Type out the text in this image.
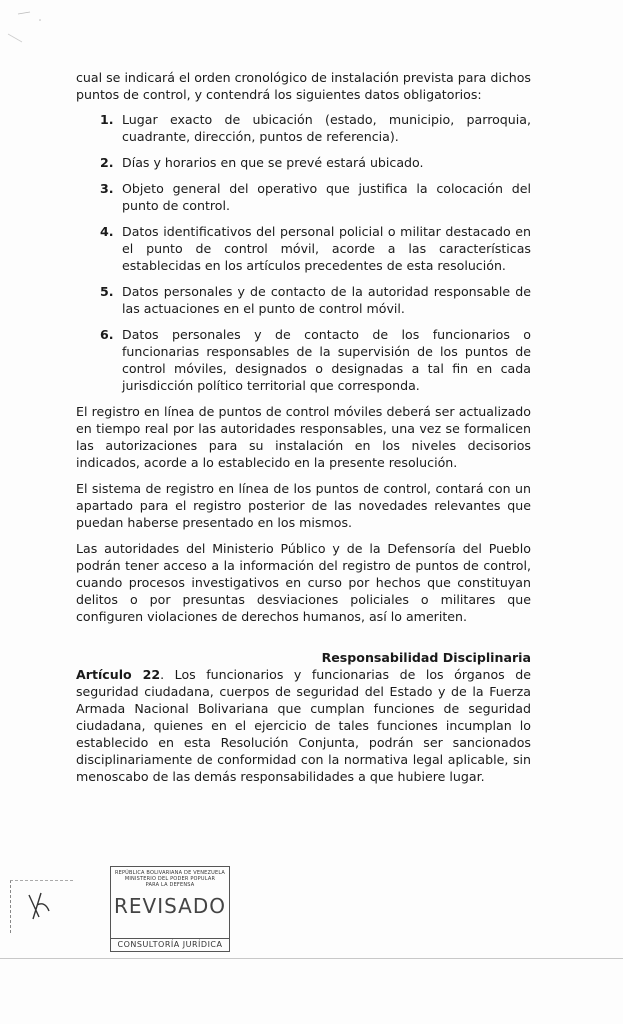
cual se indicará el orden cronológico de instalación prevista para dichos puntos de control, y contendrá los siguientes datos obligatorios:

1. Lugar exacto de ubicación (estado, municipio, parroquia, cuadrante, dirección, puntos de referencia).
2. Días y horarios en que se prevé estará ubicado.
3. Objeto general del operativo que justifica la colocación del punto de control.
4. Datos identificativos del personal policial o militar destacado en el punto de control móvil, acorde a las características establecidas en los artículos precedentes de esta resolución.
5. Datos personales y de contacto de la autoridad responsable de las actuaciones en el punto de control móvil.
6. Datos personales y de contacto de los funcionarios o funcionarias responsables de la supervisión de los puntos de control móviles, designados o designadas a tal fin en cada jurisdicción político territorial que corresponda.

El registro en línea de puntos de control móviles deberá ser actualizado en tiempo real por las autoridades responsables, una vez se formalicen las autorizaciones para su instalación en los niveles decisorios indicados, acorde a lo establecido en la presente resolución.

El sistema de registro en línea de los puntos de control, contará con un apartado para el registro posterior de las novedades relevantes que puedan haberse presentado en los mismos.

Las autoridades del Ministerio Público y de la Defensoría del Pueblo podrán tener acceso a la información del registro de puntos de control, cuando procesos investigativos en curso por hechos que constituyan delitos o por presuntas desviaciones policiales o militares que configuren violaciones de derechos humanos, así lo ameriten.

Responsabilidad Disciplinaria

Artículo 22. Los funcionarios y funcionarias de los órganos de seguridad ciudadana, cuerpos de seguridad del Estado y de la Fuerza Armada Nacional Bolivariana que cumplan funciones de seguridad ciudadana, quienes en el ejercicio de tales funciones incumplan lo establecido en esta Resolución Conjunta, podrán ser sancionados disciplinariamente de conformidad con la normativa legal aplicable, sin menoscabo de las demás responsabilidades a que hubiere lugar.

REPÚBLICA BOLIVARIANA DE VENEZUELA
MINISTERIO DEL PODER POPULAR
PARA LA DEFENSA
REVISADO
CONSULTORÍA JURÍDICA
